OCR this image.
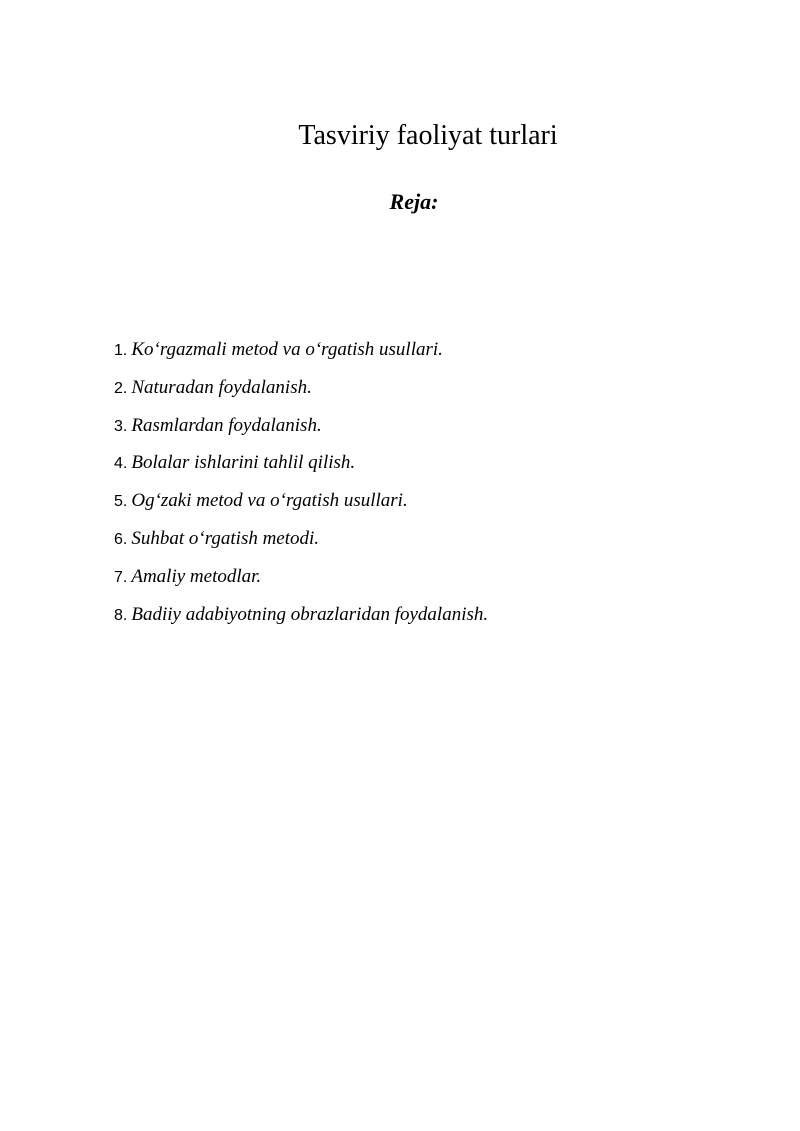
Tasviriy faoliyat turlari
Reja:
1. Ko‘rgazmali metod va o‘rgatish usullari.
2. Naturadan foydalanish.
3. Rasmlardan foydalanish.
4. Bolalar ishlarini tahlil qilish.
5. Og‘zaki metod va o‘rgatish usullari.
6. Suhbat o‘rgatish metodi.
7. Amaliy metodlar.
8. Badiiy adabiyotning obrazlaridan foydalanish.
